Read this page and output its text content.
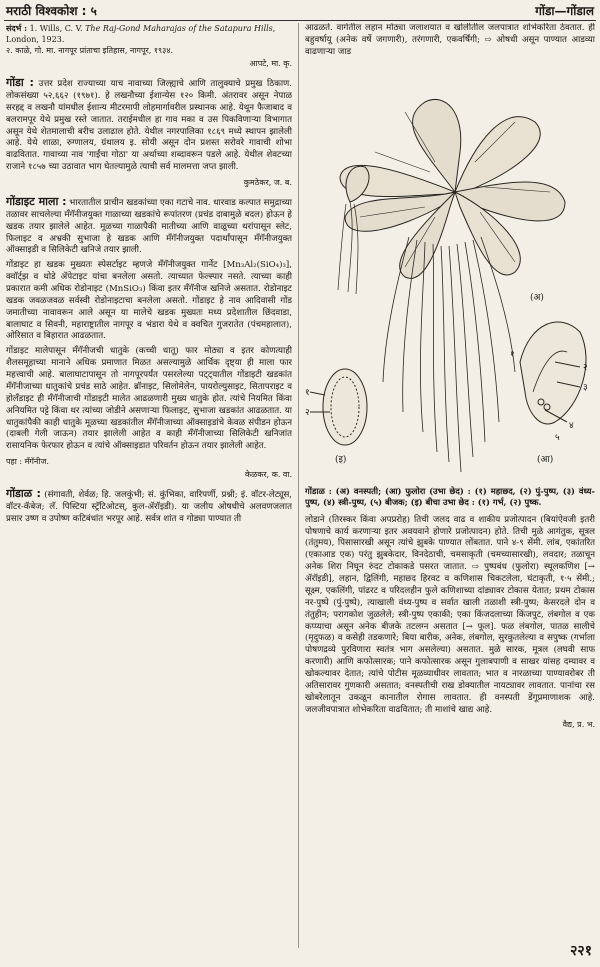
मराठी विश्वकोश : ५	गोंडा—गोंडाल
संदर्भ : 1. Wills, C. V. The Raj-Gond Maharajas of the Satapura Hills, London, 1923.
२. काळे, गो. मा. नागपूर प्रांताचा इतिहास, नागपूर, १९३४.
आपटे, मा. कृ.

गोंडा : उत्तर प्रदेश राज्याच्या याच नावाच्या जिल्ह्याचे आणि तालुक्याचे प्रमुख ठिकाण. लोकसंख्या ५२,६६२ (१९७१). हे लखनौच्या ईशान्येस १२० किमी. अंतरावर असून नेपाळ सरहद्द व लखनौ यांमधील ईशान्य मीटरमापी लोहमार्गावरील प्रस्थानक आहे. येथून फैजाबाद व बलरामपूर येथे प्रमुख रस्ते जातात. तराईमधील हा गाव मका व उस पिकविणाऱ्या विभागात असून येथे शेतमालाची बरीच उलाढाल होते. येथील नगरपालिका १८६९ मध्ये स्थापन झालेली आहे. येथे शाळा, रुग्णालय, ग्रंथालय इ. सोयी असून दोन प्रशस्त सरोवरे गावाची शोभा वाढवितात. गावाच्या नाव 'गाईंचा गोठा' या अर्थाच्या शब्दावरून पडले आहे. येथील शेवटच्या राजाने १८५७ च्या उठावात भाग घेतल्यामुळे त्याची सर्व मालमत्ता जप्त झाली.

कुमठेकर, ज. ब.

गोंडाइट माला : भारतातील प्राचीन खडकांच्या एका गटाचे नाव. धारवाड कल्पात समुद्राच्या तळावर साचलेल्या मँगॅनीजयुक्त गाळाच्या खडकांचे रूपांतरण (प्रचंड दाबामुळे बदल) होऊन हे खडक तयार झालेले आहेत. मूळच्या गाळापैकी मातीच्या आणि वाळूच्या थरांपासून स्लेट, फिलाइट व अभ्रकी सुभाजा हे खडक आणि मँगॅनीजयुक्त पदार्थांपासून मँगॅनीजयुक्त ऑक्साइडी व सिलिकेटी खनिजे तयार झाली.

गोंडाइट हा खडक मुख्यतः स्पेसर्टाइट म्हणजे मँगॅनीजयुक्त गार्नेट [Mn₃Al₂(SiO₄)₃], क्वॉर्ट्झ व थोडे ॲपेटाइट यांचा बनलेला असतो. त्याच्यात फेल्स्पार नसते. त्याच्या काही प्रकारात कमी अधिक रोडोनाइट (MnSiO₃) किंवा इतर मँगॅनीज खनिजे असतात. रोडोनाइट खडक जवळजवळ सर्वस्वी रोडोनाइटाचा बनलेला असतो. गोंडाइट हे नाव आदिवासी गोंड जमातीच्या नावावरून आले असून या मालेचे खडक मुख्यतः मध्य प्रदेशातील छिंदवाडा, बालाघाट व सिवनी, महाराष्ट्रातील नागपूर व भंडारा येथे व क्वचित गुजरातेत (पंचमहालात), ओरिसात व बिहारात आढळतात.

गोंडाइट मालेपासून मँगॅनीजची धातुके (कच्ची धातू) फार मोठ्या व इतर कोणत्याही शैलसमूहाच्या मानाने अधिक प्रमाणात मिळत असल्यामुळे आर्थिक दृष्ट्या ही माला फार महत्त्वाची आहे. बालाघाटापासून तो नागपूरपर्यंत पसरलेल्या पट्ट्यातील गोंडाइटी खडकांत मँगॅनीजाच्या धातुकांचे प्रचंड साठे आहेत. ब्रॉनाइट, सिलोमेलेन, पायरोल्युसाइट, सितापराइट व होलँडाइट ही मँगॅनीजाची गोंडाइटी मालेत आढळणारी मुख्य धातुके होत. त्यांचे नियमित किंवा अनियमित पट्टे किंवा थर त्यांच्या जोडीने असणाऱ्या फिलाइट, सुभाजा खडकांत आढळतात. या धातुकांपैकी काही धातुके मूळच्या खडकांतील मँगॅनीजाच्या ऑक्साइडांचे केवळ संपीडन होऊन (दाबली गेली जाऊन) तयार झालेली आहेत व काही मँगॅनीजाच्या सिलिकेटी खनिजांत रासायनिक फेरफार होऊन व त्यांचे ऑक्साइडात परिवर्तन होऊन तयार झालेली आहेत.

पहा : मँगॅनीज.
केळकर, क. वा.

गोंडाळ : (संगावती, शेर्वळ; हि. जलकुंभी; सं. कुंभिका, वारिपर्णी, प्रश्नी; इं. वॉटर-लेट्यूस, वॉटर-कॅबेज; लॅ. पिस्टिया स्ट्रॅटिओटस्, कुल-ॲरॉइडी). या जलीय ओषधीचे अलवणजलात प्रसार उष्ण व उपोष्ण कटिबंधांत भरपूर आहे. सर्वत्र शांत व गोड्या पाण्यात ती

आढळते. वागेतील लहान मोठ्या जलाशयात व खोलीतील जलपात्रात शोभेकरिता ठेवतात. ही बहुवर्षायू (अनेक वर्षे जगणारी), तरंगणारी, एकवर्षिंगी; ⇨ ओषधी असून पाण्यात आडव्या वाढणाऱ्या जाड

(अ)
(आ)
(इ)
१
२
२
३
४
५
१
गोंडाळ : (अ) वनस्पती; (आ) फुलोरा (उभा छेद) : (१) महाछद, (२) पुं-पुष्प, (३) वंध्य-पुष्प, (४) स्त्री-पुष्प, (५) बीजक; (इ) बीचा उभा छेद : (१) गर्भ, (२) पुष्क.

लोडाने (तिरस्कर किंवा अपप्ररोह) तिची जलद वाढ व शाकीय प्रजोत्पादन (बियांऐवजी इतरी पोषणाचे कार्य करणाऱ्या इतर अवयवाने होणारे प्रजोत्पादन) होते. तिची मुळे आगंतुक, सूत्रल (तंतुमय), पिसासारखी असून त्यांचे झुबके पाण्यात लोंबतात. पाने ४-९ सेंमी. लांब, एकांतरित (एकाआड एक) परंतु झुबकेदार, विनदेठाची, चमसाकृती (चमच्यासारखी), लवदार; तळाचून अनेक शिरा निघून रुंदट टोकाकडे पसरत जातात. ⇨ पुष्पबंध (फुलोरा) स्थूलकणिश [→ ॲरॉइडी], लहान, द्विलिंगी, महाछद हिरवट व कणिशास चिकटलेला, घंटाकृती, १·५ सेंमी.; सूक्ष्म, एकलिंगी, पांढरट व परिदलहीन फुले कणिशाच्या दांड्यावर टोकास येतात; प्रथम टोकास नर-पुष्पे (पुं-पुष्पे), त्याखाली वंध्य-पुष्प व सर्वात खाली तळाशी स्त्री-पुष्प; केसरदले दोन व तंतुहीन; परागकोश जुळलेले; स्त्री-पुष्प एकाकी; एका किंजदलाच्या किंजपुट, लंबगोल व एक कप्प्याचा असून अनेक बीजके तटलग्न असतात [→ फूल]. फळ लंबगोल, पातळ सालीचे (मृदुफळ) व कसेही तडकणारे; बिया बारीक, अनेक, लंबगोल, सुरकुतलेल्या व सपुष्क (गर्भाला पोषणद्रव्ये पुरविणारा स्वतंत्र भाग असलेल्या) असतात. मुळे सारक, मूत्रल (लघवी साफ करणारी) आणि कफोत्सारक; पाने कफोत्सारक असून गुलाबपाणी व साखर यांसह दम्यावर व खोकल्यावर देतात; त्यांचे पोटीस मूळव्याधीवर लावतात; भात व नारळाच्या पाण्यावरोबर ती अतिसारावर गुणकारी असतात; वनस्पतीची राख डोक्यातील नायट्यावर लावतात. पानांचा रस खोबरेलातून उकळून कानातील रोगास लावतात. ही वनस्पती डेंगूप्रमाणाशक आहे. जलजीवपात्रात शोभेकरिता वाढवितात; ती माशांचे खाद्य आहे.

वैद्य, प्र. भ.
२२१
